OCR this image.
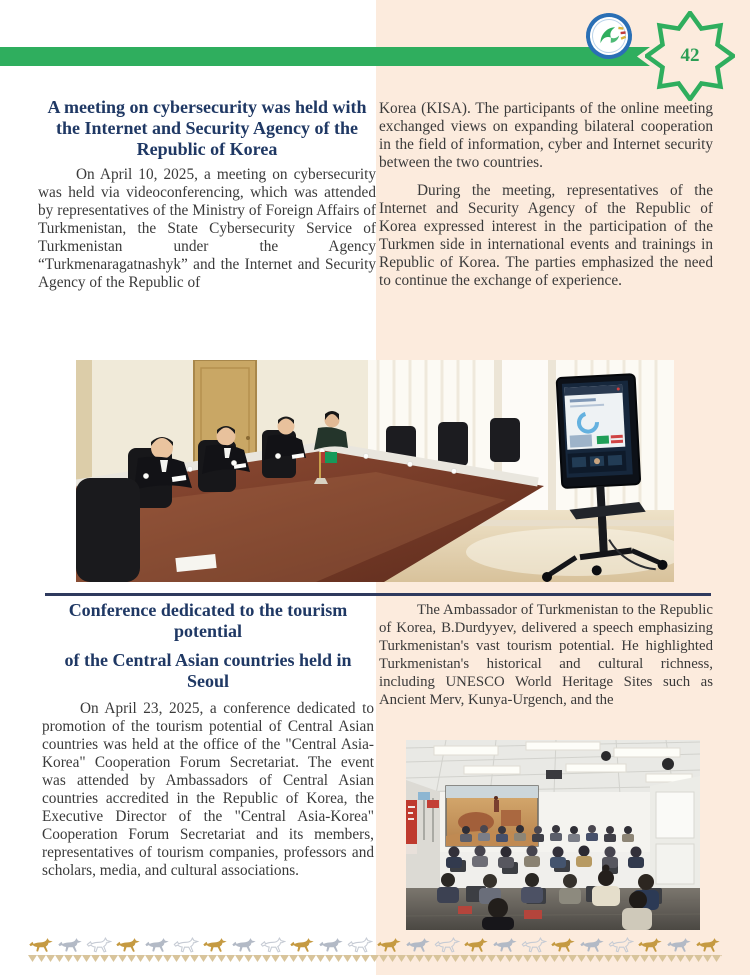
42
A meeting on cybersecurity was held with the Internet and Security Agency of the Republic of Korea

On April 10, 2025, a meeting on cybersecurity was held via videoconferencing, which was attended by representatives of the Ministry of Foreign Affairs of Turkmenistan, the State Cybersecurity Service of Turkmenistan under the Agency “Turkmenaragatnashyk” and the Internet and Security Agency of the Republic of

Korea (KISA). The participants of the online meeting exchanged views on expanding bilateral cooperation in the field of information, cyber and Internet security between the two countries.

During the meeting, representatives of the Internet and Security Agency of the Republic of Korea expressed interest in the participation of the Turkmen side in international events and trainings in Republic of Korea. The parties emphasized the need to continue the exchange of experience.

Conference dedicated to the tourism potential
of the Central Asian countries held in Seoul

On April 23, 2025, a conference dedicated to promotion of the tourism potential of Central Asian countries was held at the office of the "Central Asia-Korea" Cooperation Forum Secretariat. The event was attended by Ambassadors of Central Asian countries accredited in the Republic of Korea, the Executive Director of the "Central Asia-Korea" Cooperation Forum Secretariat and its members, representatives of tourism companies, professors and scholars, media, and cultural associations.

The Ambassador of Turkmenistan to the Republic of Korea, B.Durdyyev, delivered a speech emphasizing Turkmenistan's vast tourism potential. He highlighted Turkmenistan's historical and cultural richness, including UNESCO World Heritage Sites such as Ancient Merv, Kunya-Urgench, and the
